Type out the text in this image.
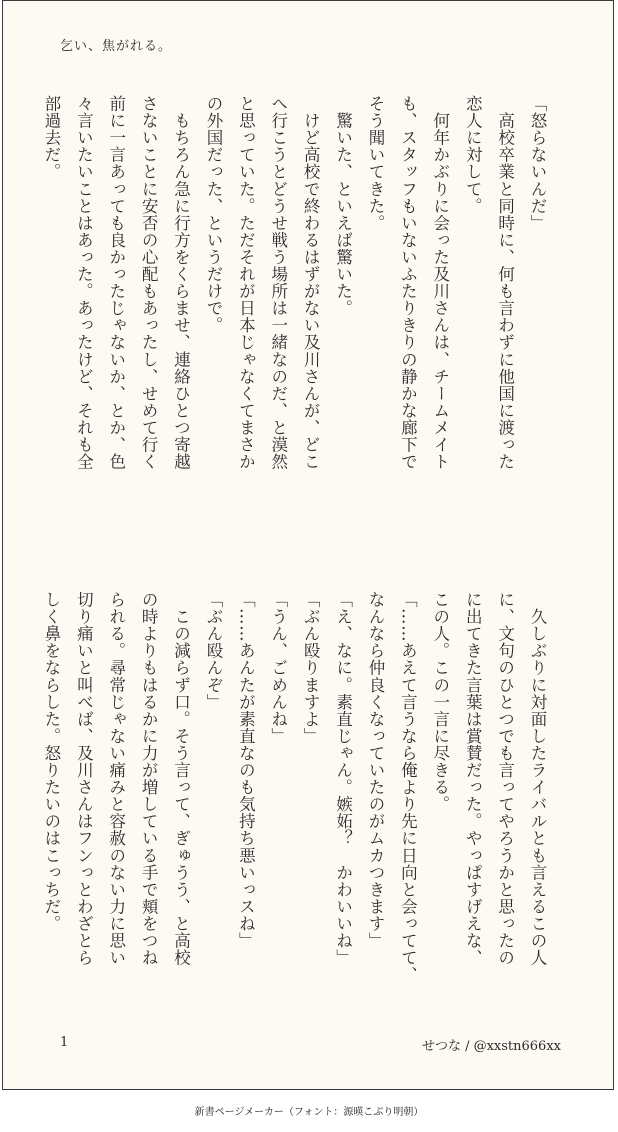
乞い、焦がれる。
「怒らないんだ」
　高校卒業と同時に、何も言わずに他国に渡った
恋人に対して。
　何年かぶりに会った及川さんは、チームメイト
も、スタッフもいないふたりきりの静かな廊下で
そう聞いてきた。
　驚いた、といえば驚いた。
　けど高校で終わるはずがない及川さんが、どこ
へ行こうとどうせ戦う場所は一緒なのだ、と漠然
と思っていた。ただそれが日本じゃなくてまさか
の外国だった、というだけで。
　もちろん急に行方をくらませ、連絡ひとつ寄越
さないことに安否の心配もあったし、せめて行く
前に一言あっても良かったじゃないか、とか、色
々言いたいことはあった。あったけど、それも全
部過去だ。
　久しぶりに対面したライバルとも言えるこの人
に、文句のひとつでも言ってやろうかと思ったの
に出てきた言葉は賞賛だった。やっぱすげえな、
この人。この一言に尽きる。
「……あえて言うなら俺より先に日向と会ってて、
なんなら仲良くなっていたのがムカつきます」
「え、なに。素直じゃん。嫉妬？　かわいいね」
「ぶん殴りますよ」
「うん、ごめんね」
「……あんたが素直なのも気持ち悪いっスね」
「ぶん殴んぞ」
　この減らず口。そう言って、ぎゅうう、と高校
の時よりもはるかに力が増している手で頬をつね
られる。尋常じゃない痛みと容赦のない力に思い
切り痛いと叫べば、及川さんはフンっとわざとら
しく鼻をならした。怒りたいのはこっちだ。
1	せつな / @xxstn666xx
新書ページメーカー（フォント：源暎こぶり明朝）
